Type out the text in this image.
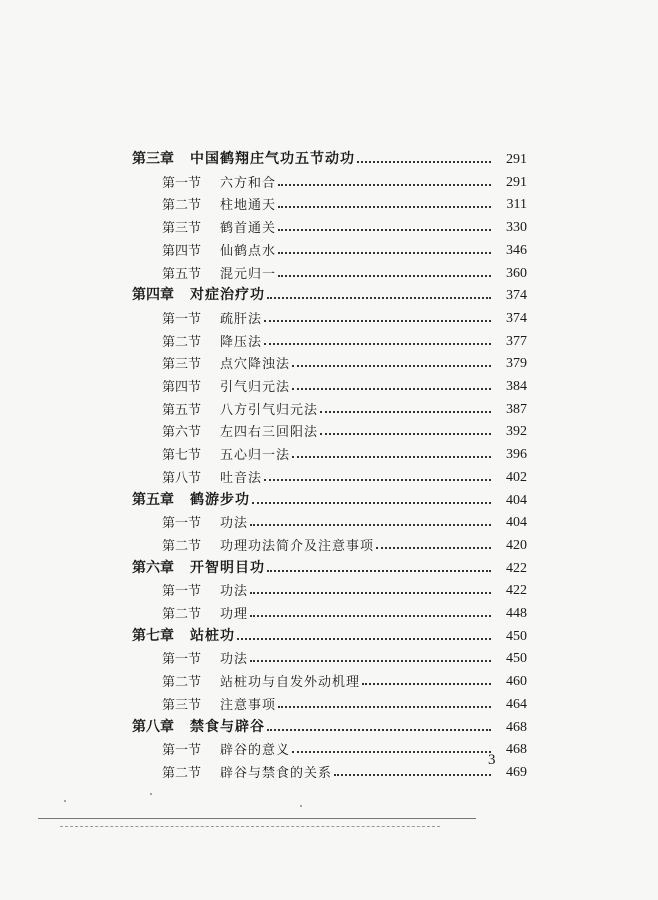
第三章	中国鹤翔庄气功五节动功	291
第一节	六方和合	291
第二节	柱地通天	311
第三节	鹤首通关	330
第四节	仙鹤点水	346
第五节	混元归一	360
第四章	对症治疗功	374
第一节	疏肝法	374
第二节	降压法	377
第三节	点穴降浊法	379
第四节	引气归元法	384
第五节	八方引气归元法	387
第六节	左四右三回阳法	392
第七节	五心归一法	396
第八节	吐音法	402
第五章	鹤游步功	404
第一节	功法	404
第二节	功理功法简介及注意事项	420
第六章	开智明目功	422
第一节	功法	422
第二节	功理	448
第七章	站桩功	450
第一节	功法	450
第二节	站桩功与自发外动机理	460
第三节	注意事项	464
第八章	禁食与辟谷	468
第一节	辟谷的意义	468
第二节	辟谷与禁食的关系	469
3
